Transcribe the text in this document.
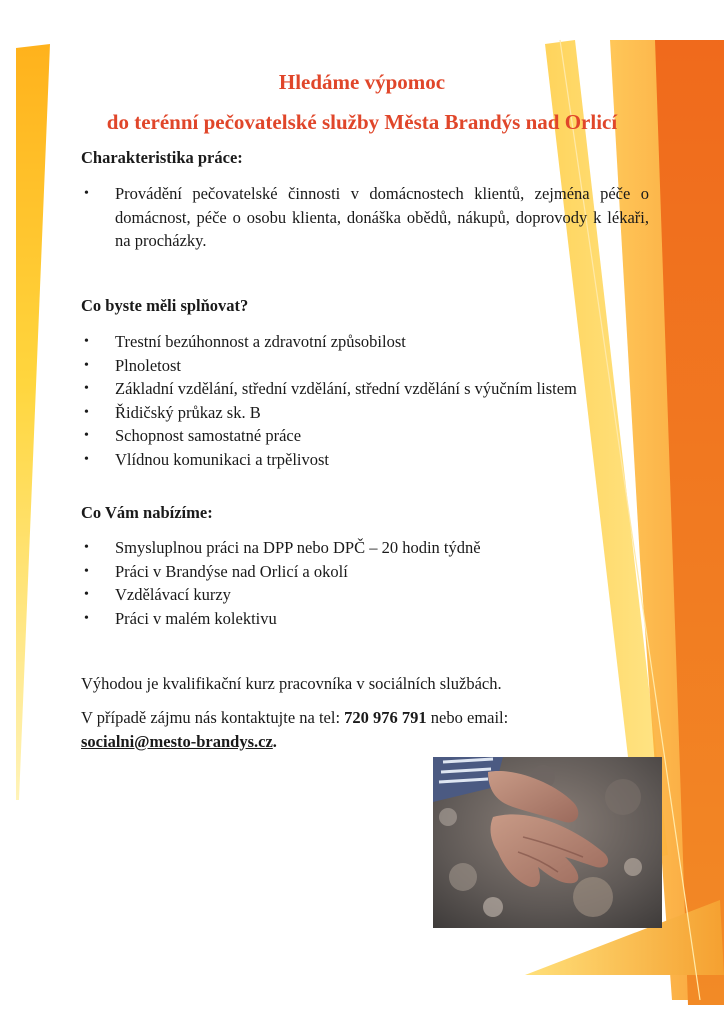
Hledáme výpomoc
do terénní pečovatelské služby Města Brandýs nad Orlicí
Charakteristika práce:
• Provádění pečovatelské činnosti v domácnostech klientů, zejména péče o domácnost, péče o osobu klienta, donáška obědů, nákupů, doprovody k lékaři, na procházky.
Co byste měli splňovat?
• Trestní bezúhonnost a zdravotní způsobilost
• Plnoletost
• Základní vzdělání, střední vzdělání, střední vzdělání s výučním listem
• Řidičský průkaz sk. B
• Schopnost samostatné práce
• Vlídnou komunikaci a trpělivost
Co Vám nabízíme:
• Smysluplnou práci na DPP nebo DPČ – 20 hodin týdně
• Práci v Brandýse nad Orlicí a okolí
• Vzdělávací kurzy
• Práci v malém kolektivu

Výhodou je kvalifikační kurz pracovníka v sociálních službách.

V případě zájmu nás kontaktujte na tel: 720 976 791 nebo email:
socialni@mesto-brandys.cz.
